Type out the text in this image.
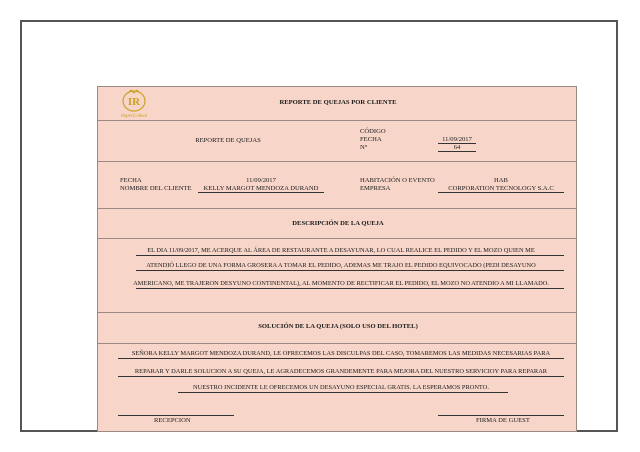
IR
Imperio Real
REPORTE DE QUEJAS POR CLIENTE
REPORTE DE QUEJAS
CÓDIGO
FECHA	11/09/2017
N°	64
FECHA	11/09/2017
NOMBRE DEL CLIENTE	KELLY MARGOT MENDOZA DURAND
HABITACIÓN O EVENTO	HAB
EMPRESA	CORPORATION TECNOLOGY S.A.C
DESCRIPCIÓN DE LA QUEJA
EL DIA 11/09/2017, ME ACERQUE AL ÁREA DE RESTAURANTE A DESAYUNAR, LO CUAL REALICE EL PEDIDO Y EL MOZO QUIEN ME
ATENDIÓ LLEGO DE UNA FORMA GROSERA A TOMAR EL PEDIDO, ADEMAS ME TRAJO EL PEDIDO EQUIVOCADO (PEDI DESAYUNO
AMERICANO, ME TRAJERON DESYUNO CONTINENTAL), AL MOMENTO DE RECTIFICAR EL PEDIDO, EL MOZO NO ATENDIO A MI LLAMADO.
SOLUCIÓN DE LA QUEJA (SOLO USO DEL HOTEL)
SEÑORA KELLY MARGOT MENDOZA DURAND, LE OFRECEMOS LAS DISCULPAS DEL CASO, TOMAREMOS LAS MEDIDAS NECESARIAS PARA
REPARAR Y DARLE SOLUCION A SU QUEJA, LE AGRADECEMOS GRANDEMENTE PARA MEJORA DEL NUESTRO SERVICIOY PARA REPARAR
NUESTRO INCIDENTE LE OFRECEMOS UN DESAYUNO ESPECIAL GRATIS. LA ESPERAMOS PRONTO.
RECEPCION	FIRMA DE GUEST
